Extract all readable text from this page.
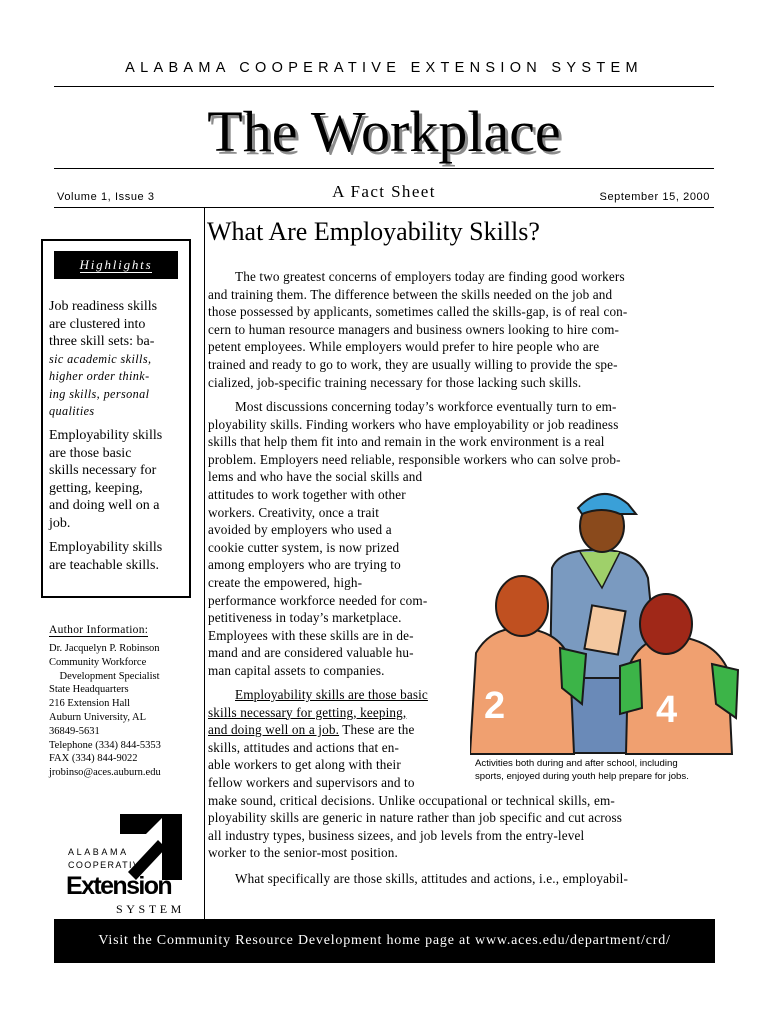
ALABAMA COOPERATIVE EXTENSION SYSTEM
The Workplace
Volume 1, Issue 3	A Fact Sheet	September 15, 2000
Highlights
Job readiness skills
are clustered into
three skill sets: ba-
sic academic skills,
higher order think-
ing skills, personal
qualities
Employability skills
are those basic
skills necessary for
getting, keeping,
and doing well on a
job.
Employability skills
are teachable skills.
Author Information:
Dr. Jacquelyn P. Robinson
Community Workforce
Development Specialist
State Headquarters
216 Extension Hall
Auburn University, AL
36849-5631
Telephone (334) 844-5353
FAX (334) 844-9022
jrobinso@aces.auburn.edu
ALABAMA
COOPERATIVE
Extension
SYSTEM
What Are Employability Skills?
The two greatest concerns of employers today are finding good workers
and training them. The difference between the skills needed on the job and
those possessed by applicants, sometimes called the skills-gap, is of real con-
cern to human resource managers and business owners looking to hire com-
petent employees. While employers would prefer to hire people who are
trained and ready to go to work, they are usually willing to provide the spe-
cialized, job-specific training necessary for those lacking such skills.
Most discussions concerning today’s workforce eventually turn to em-
ployability skills. Finding workers who have employability or job readiness
skills that help them fit into and remain in the work environment is a real
problem. Employers need reliable, responsible workers who can solve prob-
lems and who have the social skills and
attitudes to work together with other
workers. Creativity, once a trait
avoided by employers who used a
cookie cutter system, is now prized
among employers who are trying to
create the empowered, high-
performance workforce needed for com-
petitiveness in today’s marketplace.
Employees with these skills are in de-
mand and are considered valuable hu-
man capital assets to companies.
Employability skills are those basic
skills necessary for getting, keeping,
and doing well on a job. These are the
skills, attitudes and actions that en-
able workers to get along with their
fellow workers and supervisors and to
make sound, critical decisions. Unlike occupational or technical skills, em-
ployability skills are generic in nature rather than job specific and cut across
all industry types, business sizees, and job levels from the entry-level
worker to the senior-most position.
What specifically are those skills, attitudes and actions, i.e., employabil-
2	4
Activities both during and after school, including
sports, enjoyed during youth help prepare for jobs.
Visit the Community Resource Development home page at www.aces.edu/department/crd/
